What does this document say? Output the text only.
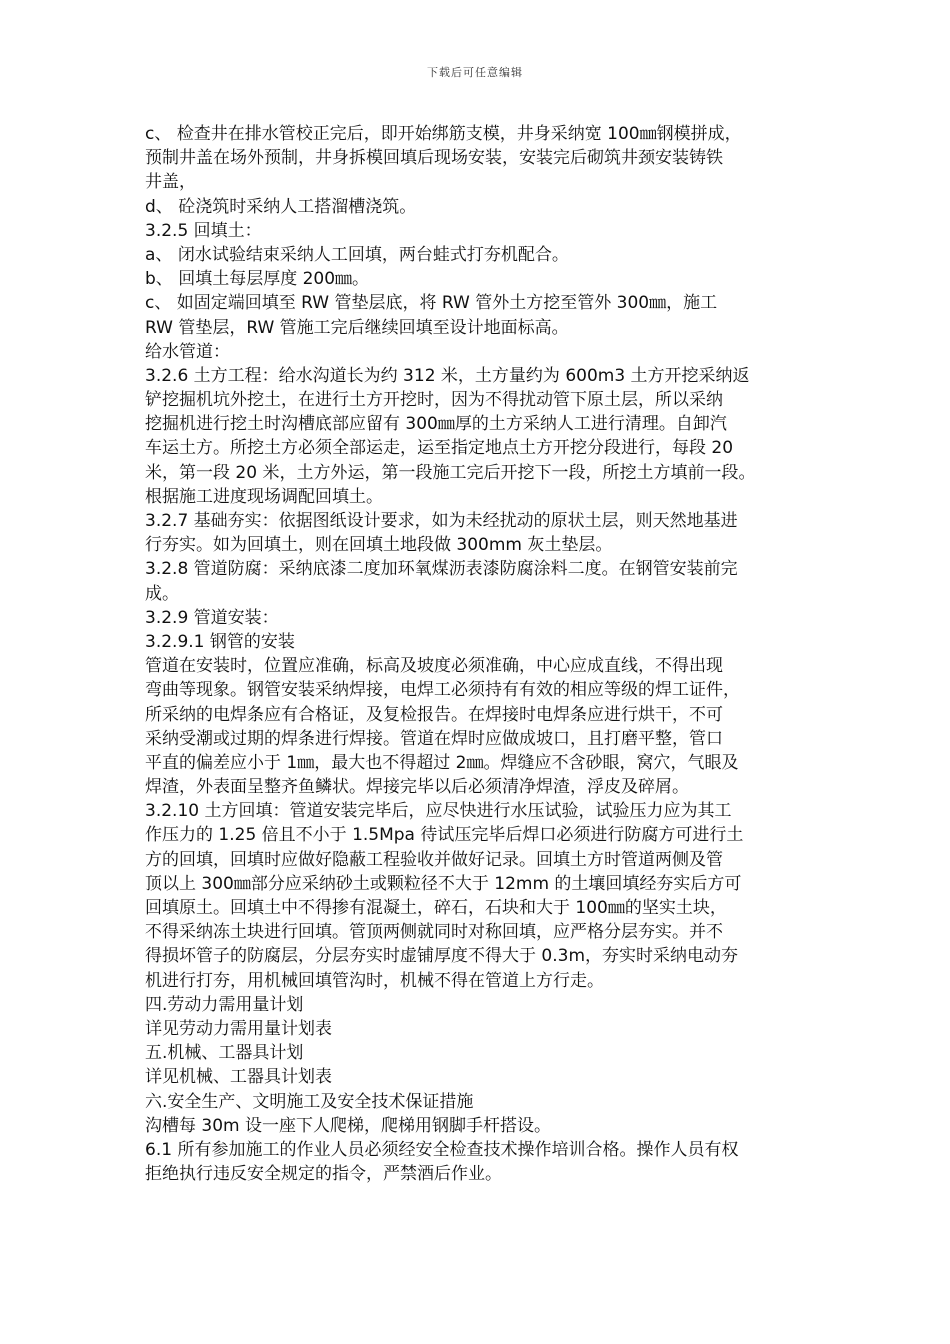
下载后可任意编辑
c、 检查井在排水管校正完后，即开始绑筋支模，井身采纳宽 100㎜钢模拼成，
预制井盖在场外预制，井身拆模回填后现场安装，安装完后砌筑井颈安装铸铁
井盖，
d、 砼浇筑时采纳人工搭溜槽浇筑。
3.2.5 回填土：
a、 闭水试验结束采纳人工回填，两台蛙式打夯机配合。
b、 回填土每层厚度 200㎜。
c、 如固定端回填至 RW 管垫层底，将 RW 管外土方挖至管外 300㎜，施工
RW 管垫层，RW 管施工完后继续回填至设计地面标高。
给水管道：
3.2.6 土方工程：给水沟道长为约 312 米，土方量约为 600m3 土方开挖采纳返
铲挖掘机坑外挖土，在进行土方开挖时，因为不得扰动管下原土层，所以采纳
挖掘机进行挖土时沟槽底部应留有 300㎜厚的土方采纳人工进行清理。自卸汽
车运土方。所挖土方必须全部运走，运至指定地点土方开挖分段进行，每段 20
米，第一段 20 米，土方外运，第一段施工完后开挖下一段，所挖土方填前一段。
根据施工进度现场调配回填土。
3.2.7 基础夯实：依据图纸设计要求，如为未经扰动的原状土层，则天然地基进
行夯实。如为回填土，则在回填土地段做 300mm 灰土垫层。
3.2.8 管道防腐：采纳底漆二度加环氧煤沥表漆防腐涂料二度。在钢管安装前完
成。
3.2.9 管道安装：
3.2.9.1 钢管的安装
管道在安装时，位置应准确，标高及坡度必须准确，中心应成直线，不得出现
弯曲等现象。钢管安装采纳焊接，电焊工必须持有有效的相应等级的焊工证件，
所采纳的电焊条应有合格证，及复检报告。在焊接时电焊条应进行烘干，不可
采纳受潮或过期的焊条进行焊接。管道在焊时应做成坡口，且打磨平整，管口
平直的偏差应小于 1㎜，最大也不得超过 2㎜。焊缝应不含砂眼，窝穴，气眼及
焊渣，外表面呈整齐鱼鳞状。焊接完毕以后必须清净焊渣，浮皮及碎屑。
3.2.10 土方回填：管道安装完毕后，应尽快进行水压试验，试验压力应为其工
作压力的 1.25 倍且不小于 1.5Mpa 待试压完毕后焊口必须进行防腐方可进行土
方的回填，回填时应做好隐蔽工程验收并做好记录。回填土方时管道两侧及管
顶以上 300㎜部分应采纳砂土或颗粒径不大于 12mm 的土壤回填经夯实后方可
回填原土。回填土中不得掺有混凝土，碎石，石块和大于 100㎜的坚实土块，
不得采纳冻土块进行回填。管顶两侧就同时对称回填，应严格分层夯实。并不
得损坏管子的防腐层，分层夯实时虚铺厚度不得大于 0.3m，夯实时采纳电动夯
机进行打夯，用机械回填管沟时，机械不得在管道上方行走。
四.劳动力需用量计划
详见劳动力需用量计划表
五.机械、工器具计划
详见机械、工器具计划表
六.安全生产、文明施工及安全技术保证措施
沟槽每 30m 设一座下人爬梯，爬梯用钢脚手杆搭设。
6.1 所有参加施工的作业人员必须经安全检查技术操作培训合格。操作人员有权
拒绝执行违反安全规定的指令，严禁酒后作业。
